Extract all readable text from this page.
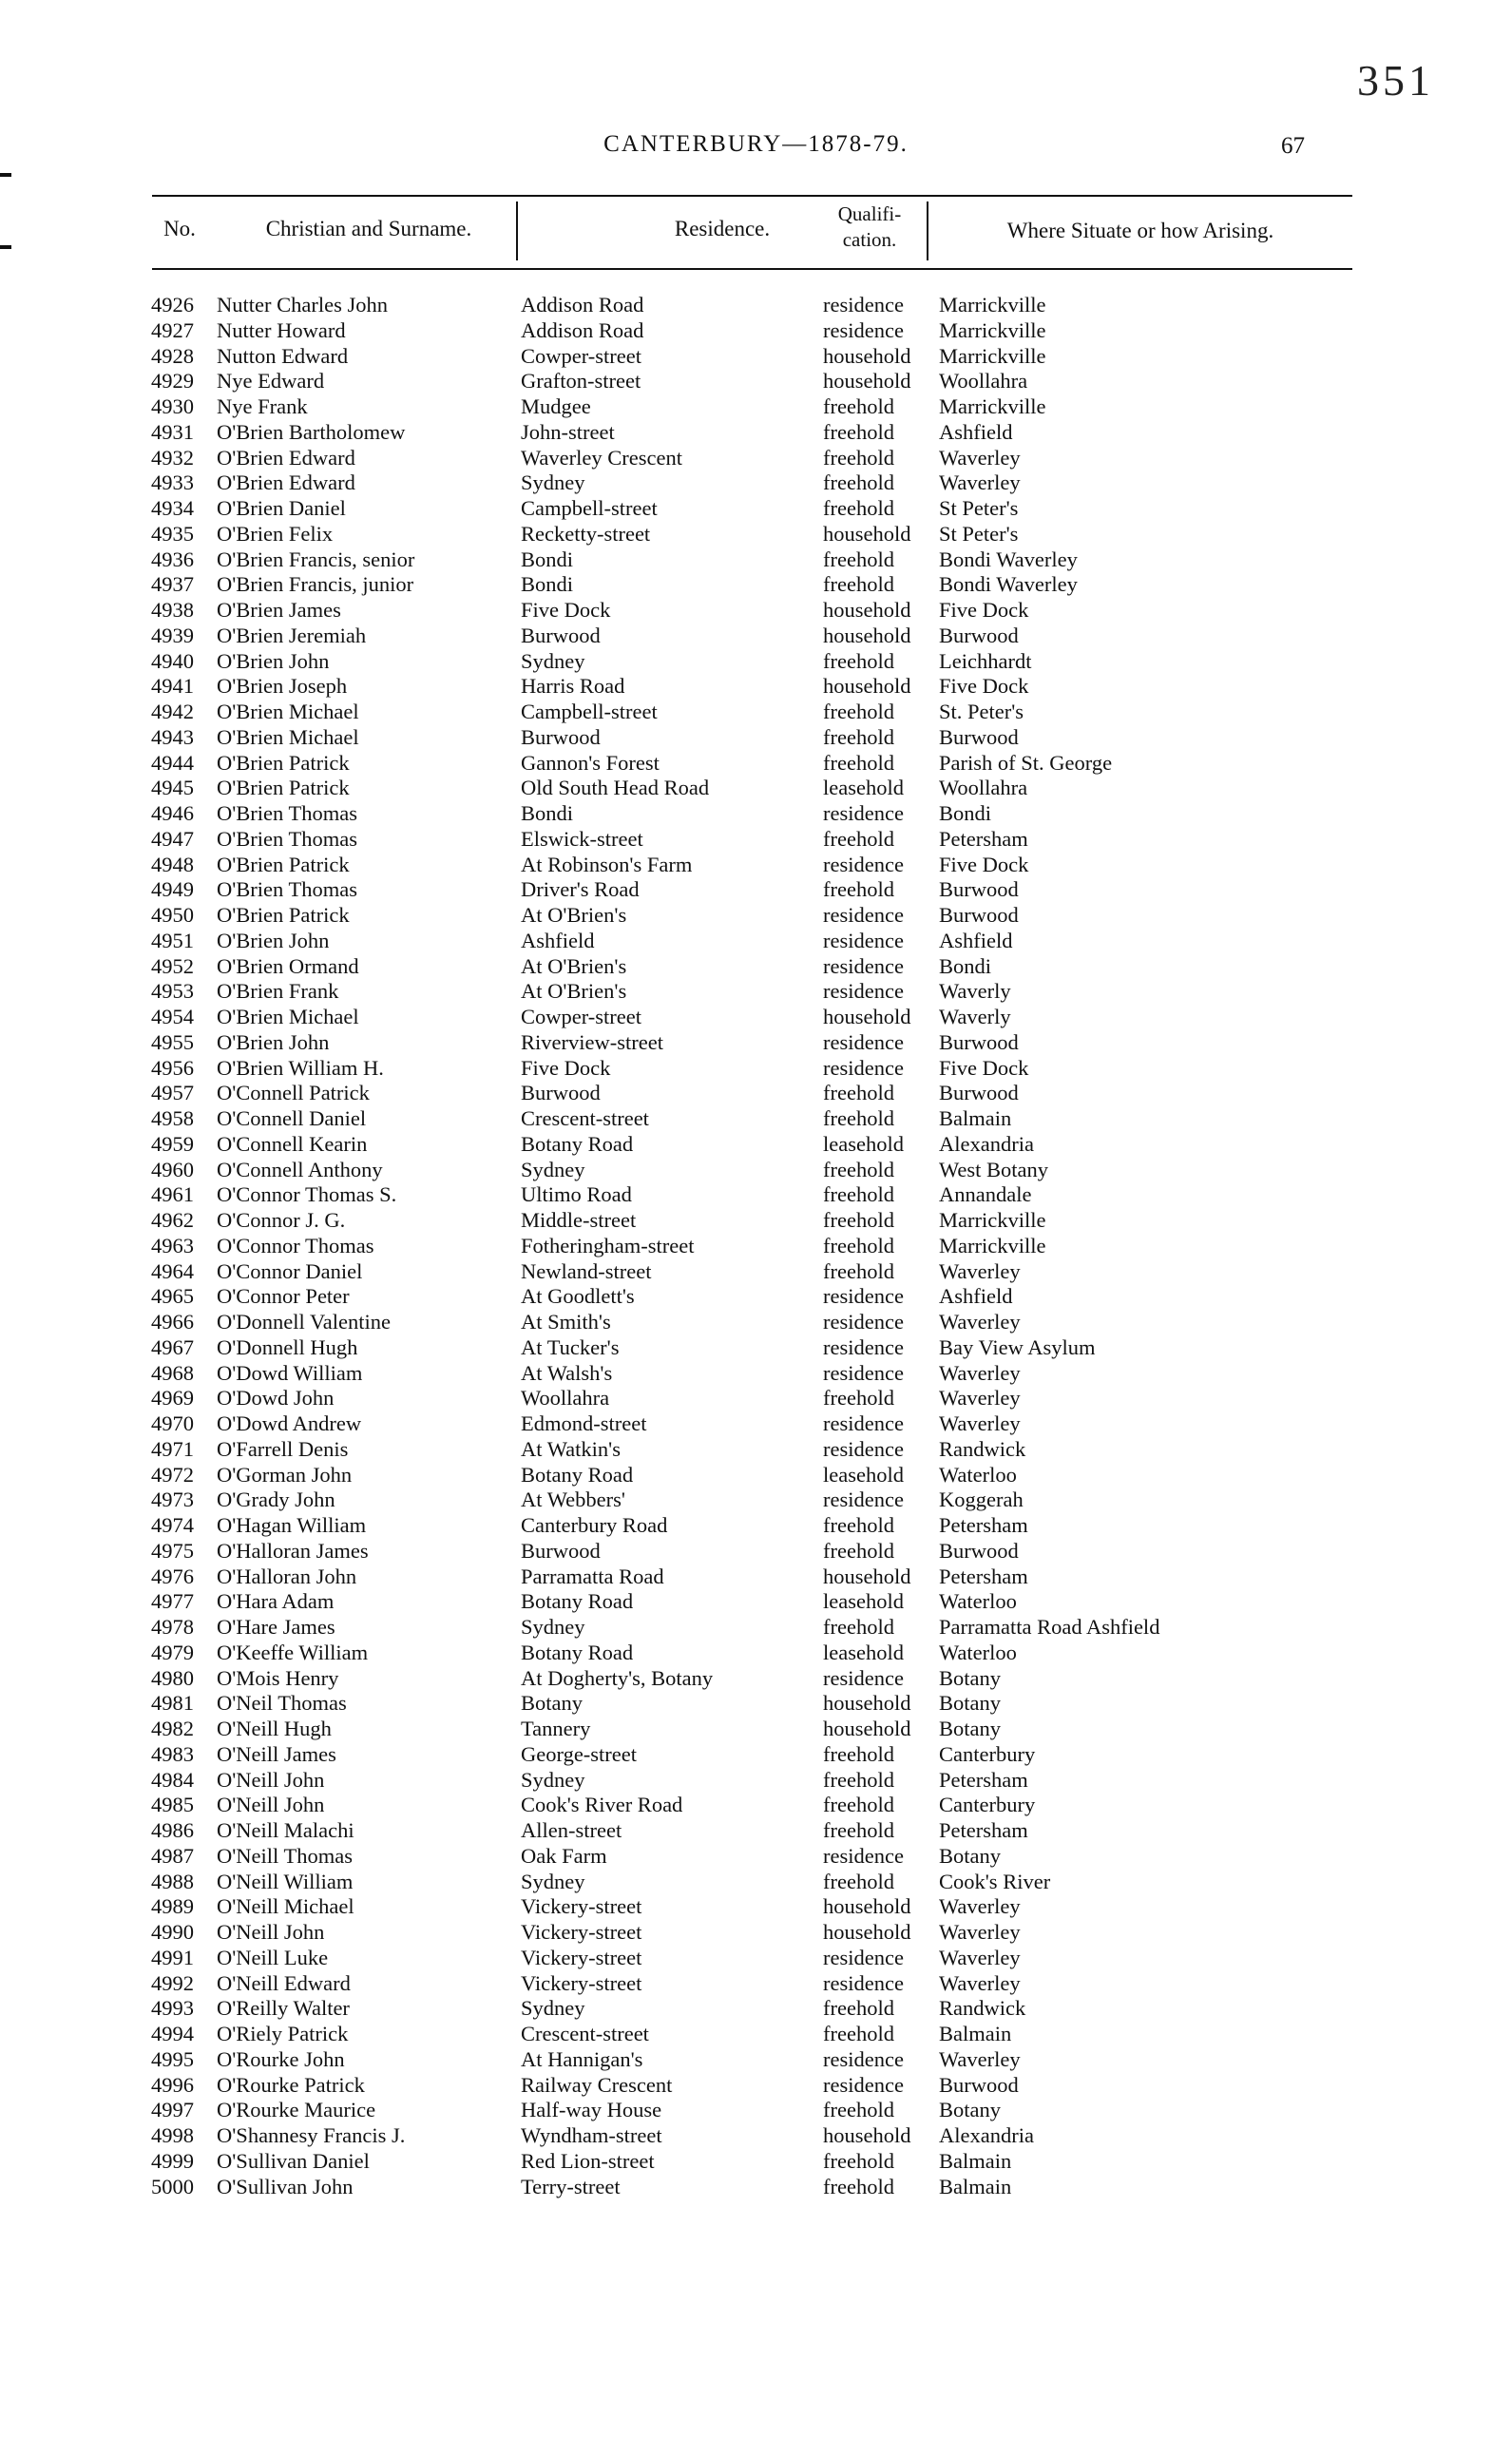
351
CANTERBURY—1878-79.	67
No.	Christian and Surname.	Residence.
Qualifi-cation.	Where Situate or how Arising.
4926 Nutter Charles John	Addison Road	residence Marrickville
4927 Nutter Howard	Addison Road	residence Marrickville
4928 Nutton Edward	Cowper-street	household Marrickville
4929 Nye Edward	Grafton-street	household Woollahra
4930 Nye Frank	Mudgee	freehold Marrickville
4931 O'Brien Bartholomew	John-street	freehold Ashfield
4932 O'Brien Edward	Waverley Crescent	freehold Waverley
4933 O'Brien Edward	Sydney	freehold Waverley
4934 O'Brien Daniel	Campbell-street	freehold St Peter's
4935 O'Brien Felix	Recketty-street	household St Peter's
4936 O'Brien Francis, senior	Bondi	freehold Bondi Waverley
4937 O'Brien Francis, junior	Bondi	freehold Bondi Waverley
4938 O'Brien James	Five Dock	household Five Dock
4939 O'Brien Jeremiah	Burwood	household Burwood
4940 O'Brien John	Sydney	freehold Leichhardt
4941 O'Brien Joseph	Harris Road	household Five Dock
4942 O'Brien Michael	Campbell-street	freehold St. Peter's
4943 O'Brien Michael	Burwood	freehold Burwood
4944 O'Brien Patrick	Gannon's Forest	freehold Parish of St. George
4945 O'Brien Patrick	Old South Head Road	leasehold Woollahra
4946 O'Brien Thomas	Bondi	residence Bondi
4947 O'Brien Thomas	Elswick-street	freehold Petersham
4948 O'Brien Patrick	At Robinson's Farm	residence Five Dock
4949 O'Brien Thomas	Driver's Road	freehold Burwood
4950 O'Brien Patrick	At O'Brien's	residence Burwood
4951 O'Brien John	Ashfield	residence Ashfield
4952 O'Brien Ormand	At O'Brien's	residence Bondi
4953 O'Brien Frank	At O'Brien's	residence Waverly
4954 O'Brien Michael	Cowper-street	household Waverly
4955 O'Brien John	Riverview-street	residence Burwood
4956 O'Brien William H.	Five Dock	residence Five Dock
4957 O'Connell Patrick	Burwood	freehold Burwood
4958 O'Connell Daniel	Crescent-street	freehold Balmain
4959 O'Connell Kearin	Botany Road	leasehold Alexandria
4960 O'Connell Anthony	Sydney	freehold West Botany
4961 O'Connor Thomas S.	Ultimo Road	freehold Annandale
4962 O'Connor J. G.	Middle-street	freehold Marrickville
4963 O'Connor Thomas	Fotheringham-street	freehold Marrickville
4964 O'Connor Daniel	Newland-street	freehold Waverley
4965 O'Connor Peter	At Goodlett's	residence Ashfield
4966 O'Donnell Valentine	At Smith's	residence Waverley
4967 O'Donnell Hugh	At Tucker's	residence Bay View Asylum
4968 O'Dowd William	At Walsh's	residence Waverley
4969 O'Dowd John	Woollahra	freehold Waverley
4970 O'Dowd Andrew	Edmond-street	residence Waverley
4971 O'Farrell Denis	At Watkin's	residence Randwick
4972 O'Gorman John	Botany Road	leasehold Waterloo
4973 O'Grady John	At Webbers'	residence Koggerah
4974 O'Hagan William	Canterbury Road	freehold Petersham
4975 O'Halloran James	Burwood	freehold Burwood
4976 O'Halloran John	Parramatta Road	household Petersham
4977 O'Hara Adam	Botany Road	leasehold Waterloo
4978 O'Hare James	Sydney	freehold Parramatta Road Ashfield
4979 O'Keeffe William	Botany Road	leasehold Waterloo
4980 O'Mois Henry	At Dogherty's, Botany	residence Botany
4981 O'Neil Thomas	Botany	household Botany
4982 O'Neill Hugh	Tannery	household Botany
4983 O'Neill James	George-street	freehold Canterbury
4984 O'Neill John	Sydney	freehold Petersham
4985 O'Neill John	Cook's River Road	freehold Canterbury
4986 O'Neill Malachi	Allen-street	freehold Petersham
4987 O'Neill Thomas	Oak Farm	residence Botany
4988 O'Neill William	Sydney	freehold Cook's River
4989 O'Neill Michael	Vickery-street	household Waverley
4990 O'Neill John	Vickery-street	household Waverley
4991 O'Neill Luke	Vickery-street	residence Waverley
4992 O'Neill Edward	Vickery-street	residence Waverley
4993 O'Reilly Walter	Sydney	freehold Randwick
4994 O'Riely Patrick	Crescent-street	freehold Balmain
4995 O'Rourke John	At Hannigan's	residence Waverley
4996 O'Rourke Patrick	Railway Crescent	residence Burwood
4997 O'Rourke Maurice	Half-way House	freehold Botany
4998 O'Shannesy Francis J.	Wyndham-street	household Alexandria
4999 O'Sullivan Daniel	Red Lion-street	freehold Balmain
5000 O'Sullivan John	Terry-street	freehold Balmain
